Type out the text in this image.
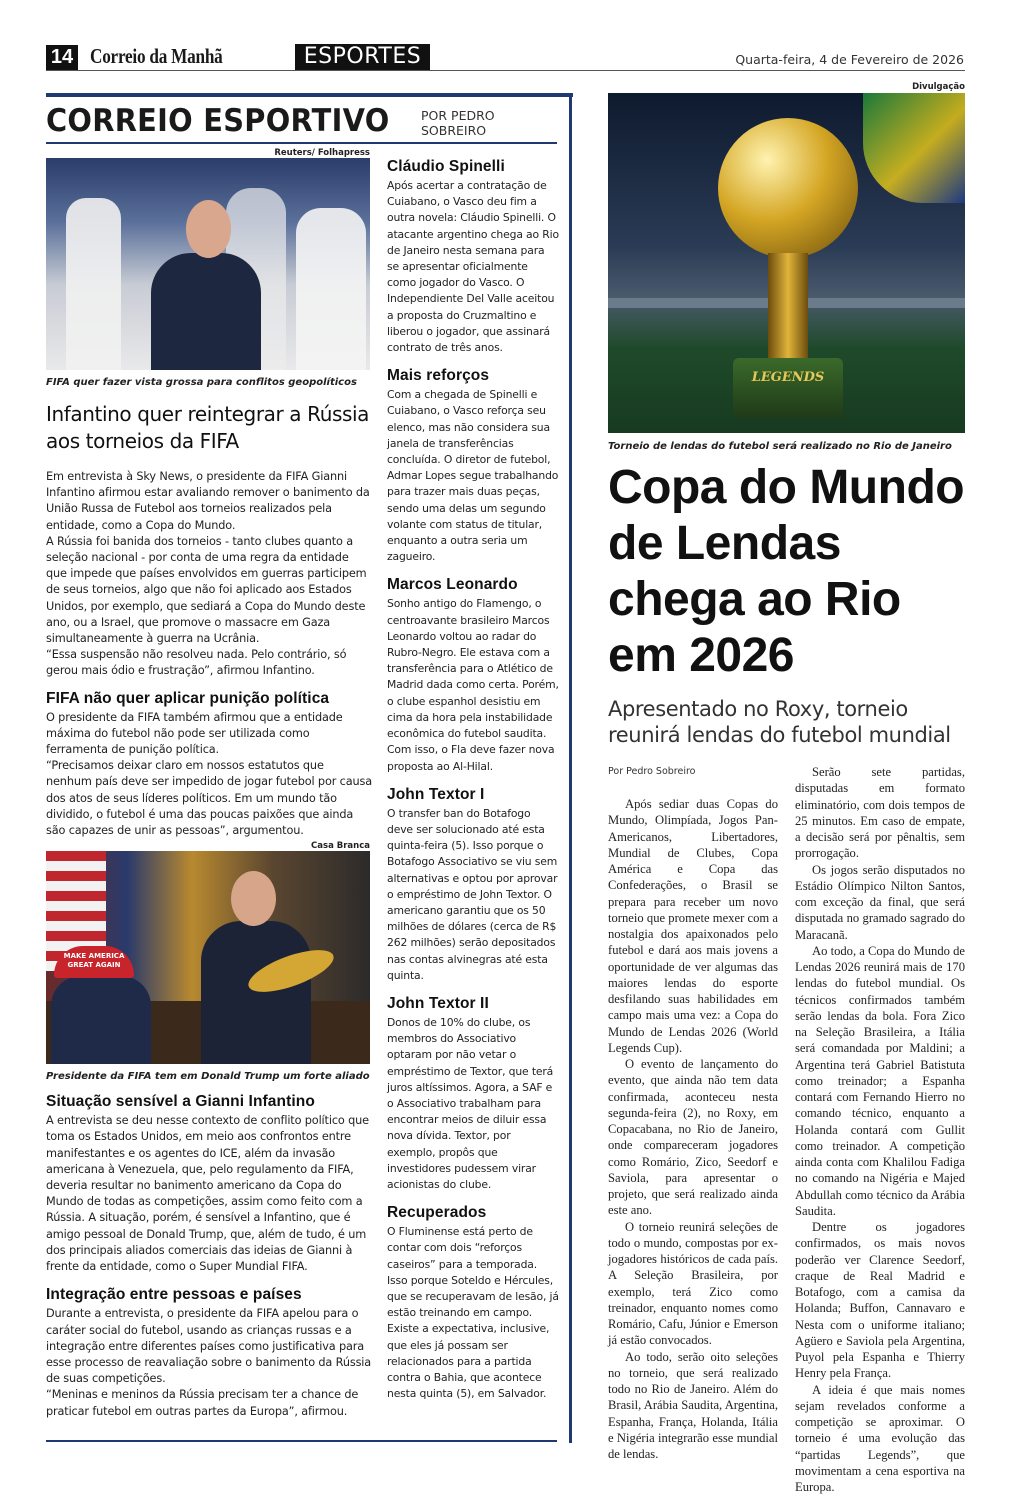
14 Correio da Manhã	ESPORTES	Quarta-feira, 4 de Fevereiro de 2026
CORREIO ESPORTIVO	POR PEDRO SOBREIRO
Reuters/ Folhapress
FIFA quer fazer vista grossa para conflitos geopolíticos
Infantino quer reintegrar a Rússia aos torneios da FIFA

Em entrevista à Sky News, o presidente da FIFA Gianni Infantino afirmou estar avaliando remover o banimento da União Russa de Futebol aos torneios realizados pela entidade, como a Copa do Mundo.

A Rússia foi banida dos torneios - tanto clubes quanto a seleção nacional - por conta de uma regra da entidade que impede que países envolvidos em guerras participem de seus torneios, algo que não foi aplicado aos Estados Unidos, por exemplo, que sediará a Copa do Mundo deste ano, ou a Israel, que promove o massacre em Gaza simultaneamente à guerra na Ucrânia.

“Essa suspensão não resolveu nada. Pelo contrário, só gerou mais ódio e frustração”, afirmou Infantino.

FIFA não quer aplicar punição política

O presidente da FIFA também afirmou que a entidade máxima do futebol não pode ser utilizada como ferramenta de punição política.

“Precisamos deixar claro em nossos estatutos que nenhum país deve ser impedido de jogar futebol por causa dos atos de seus líderes políticos. Em um mundo tão dividido, o futebol é uma das poucas paixões que ainda são capazes de unir as pessoas”, argumentou.

Casa Branca
MAKE AMERICA GREAT AGAIN
Presidente da FIFA tem em Donald Trump um forte aliado
Situação sensível a Gianni Infantino

A entrevista se deu nesse contexto de conflito político que toma os Estados Unidos, em meio aos confrontos entre manifestantes e os agentes do ICE, além da invasão americana à Venezuela, que, pelo regulamento da FIFA, deveria resultar no banimento americano da Copa do Mundo de todas as competições, assim como feito com a Rússia. A situação, porém, é sensível a Infantino, que é amigo pessoal de Donald Trump, que, além de tudo, é um dos principais aliados comerciais das ideias de Gianni à frente da entidade, como o Super Mundial FIFA.

Integração entre pessoas e países

Durante a entrevista, o presidente da FIFA apelou para o caráter social do futebol, usando as crianças russas e a integração entre diferentes países como justificativa para esse processo de reavaliação sobre o banimento da Rússia de suas competições.

“Meninas e meninos da Rússia precisam ter a chance de praticar futebol em outras partes da Europa”, afirmou.

Cláudio Spinelli
Após acertar a contratação de Cuiabano, o Vasco deu fim a outra novela: Cláudio Spinelli. O atacante argentino chega ao Rio de Janeiro nesta semana para se apresentar oficialmente como jogador do Vasco. O Independiente Del Valle aceitou a proposta do Cruzmaltino e liberou o jogador, que assinará contrato de três anos.
Mais reforços
Com a chegada de Spinelli e Cuiabano, o Vasco reforça seu elenco, mas não considera sua janela de transferências concluída. O diretor de futebol, Admar Lopes segue trabalhando para trazer mais duas peças, sendo uma delas um segundo volante com status de titular, enquanto a outra seria um zagueiro.
Marcos Leonardo
Sonho antigo do Flamengo, o centroavante brasileiro Marcos Leonardo voltou ao radar do Rubro-Negro. Ele estava com a transferência para o Atlético de Madrid dada como certa. Porém, o clube espanhol desistiu em cima da hora pela instabilidade econômica do futebol saudita. Com isso, o Fla deve fazer nova proposta ao Al-Hilal.
John Textor I
O transfer ban do Botafogo deve ser solucionado até esta quinta-feira (5). Isso porque o Botafogo Associativo se viu sem alternativas e optou por aprovar o empréstimo de John Textor. O americano garantiu que os 50 milhões de dólares (cerca de R$ 262 milhões) serão depositados nas contas alvinegras até esta quinta.
John Textor II
Donos de 10% do clube, os membros do Associativo optaram por não vetar o empréstimo de Textor, que terá juros altíssimos. Agora, a SAF e o Associativo trabalham para encontrar meios de diluir essa nova dívida. Textor, por exemplo, propôs que investidores pudessem virar acionistas do clube.
Recuperados
O Fluminense está perto de contar com dois “reforços caseiros” para a temporada. Isso porque Soteldo e Hércules, que se recuperavam de lesão, já estão treinando em campo. Existe a expectativa, inclusive, que eles já possam ser relacionados para a partida contra o Bahia, que acontece nesta quinta (5), em Salvador.
Divulgação
LEGENDS
Torneio de lendas do futebol será realizado no Rio de Janeiro
Copa do Mundo de Lendas chega ao Rio em 2026
Apresentado no Roxy, torneio reunirá lendas do futebol mundial
Por Pedro Sobreiro

Após sediar duas Copas do Mundo, Olimpíada, Jogos Pan-Americanos, Libertadores, Mundial de Clubes, Copa América e Copa das Confederações, o Brasil se prepara para receber um novo torneio que promete mexer com a nostalgia dos apaixonados pelo futebol e dará aos mais jovens a oportunidade de ver algumas das maiores lendas do esporte desfilando suas habilidades em campo mais uma vez: a Copa do Mundo de Lendas 2026 (World Legends Cup).

O evento de lançamento do evento, que ainda não tem data confirmada, aconteceu nesta segunda-feira (2), no Roxy, em Copacabana, no Rio de Janeiro, onde compareceram jogadores como Romário, Zico, Seedorf e Saviola, para apresentar o projeto, que será realizado ainda este ano.

O torneio reunirá seleções de todo o mundo, compostas por ex-jogadores históricos de cada país. A Seleção Brasileira, por exemplo, terá Zico como treinador, enquanto nomes como Romário, Cafu, Júnior e Emerson já estão convocados.

Ao todo, serão oito seleções no torneio, que será realizado todo no Rio de Janeiro. Além do Brasil, Arábia Saudita, Argentina, Espanha, França, Holanda, Itália e Nigéria integrarão esse mundial de lendas.

Serão sete partidas, disputadas em formato eliminatório, com dois tempos de 25 minutos. Em caso de empate, a decisão será por pênaltis, sem prorrogação.

Os jogos serão disputados no Estádio Olímpico Nilton Santos, com exceção da final, que será disputada no gramado sagrado do Maracanã.

Ao todo, a Copa do Mundo de Lendas 2026 reunirá mais de 170 lendas do futebol mundial. Os técnicos confirmados também serão lendas da bola. Fora Zico na Seleção Brasileira, a Itália será comandada por Maldini; a Argentina terá Gabriel Batistuta como treinador; a Espanha contará com Fernando Hierro no comando técnico, enquanto a Holanda contará com Gullit como treinador. A competição ainda conta com Khalilou Fadiga no comando na Nigéria e Majed Abdullah como técnico da Arábia Saudita.

Dentre os jogadores confirmados, os mais novos poderão ver Clarence Seedorf, craque de Real Madrid e Botafogo, com a camisa da Holanda; Buffon, Cannavaro e Nesta com o uniforme italiano; Agüero e Saviola pela Argentina, Puyol pela Espanha e Thierry Henry pela França.

A ideia é que mais nomes sejam revelados conforme a competição se aproximar. O torneio é uma evolução das “partidas Legends”, que movimentam a cena esportiva na Europa.
